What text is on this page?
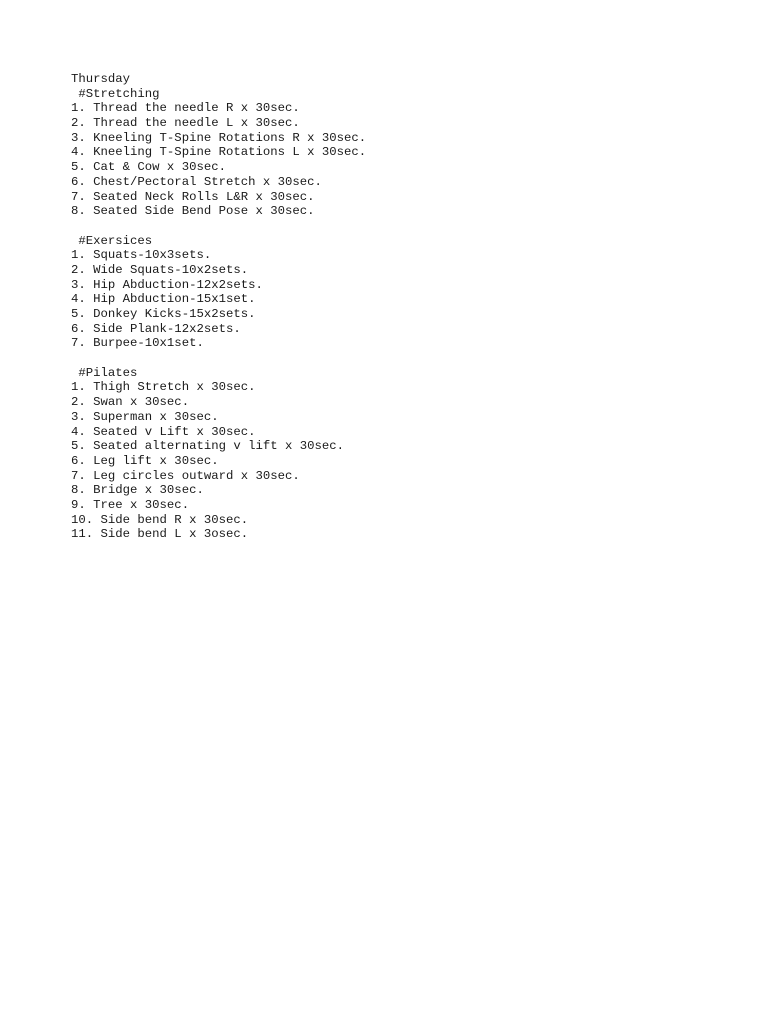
Thursday
#Stretching
1. Thread the needle R x 30sec.
2. Thread the needle L x 30sec.
3. Kneeling T-Spine Rotations R x 30sec.
4. Kneeling T-Spine Rotations L x 30sec.
5. Cat & Cow x 30sec.
6. Chest/Pectoral Stretch x 30sec.
7. Seated Neck Rolls L&R x 30sec.
8. Seated Side Bend Pose x 30sec.
#Exersices
1. Squats-10x3sets.
2. Wide Squats-10x2sets.
3. Hip Abduction-12x2sets.
4. Hip Abduction-15x1set.
5. Donkey Kicks-15x2sets.
6. Side Plank-12x2sets.
7. Burpee-10x1set.
#Pilates
1. Thigh Stretch x 30sec.
2. Swan x 30sec.
3. Superman x 30sec.
4. Seated v Lift x 30sec.
5. Seated alternating v lift x 30sec.
6. Leg lift x 30sec.
7. Leg circles outward x 30sec.
8. Bridge x 30sec.
9. Tree x 30sec.
10. Side bend R x 30sec.
11. Side bend L x 3osec.
